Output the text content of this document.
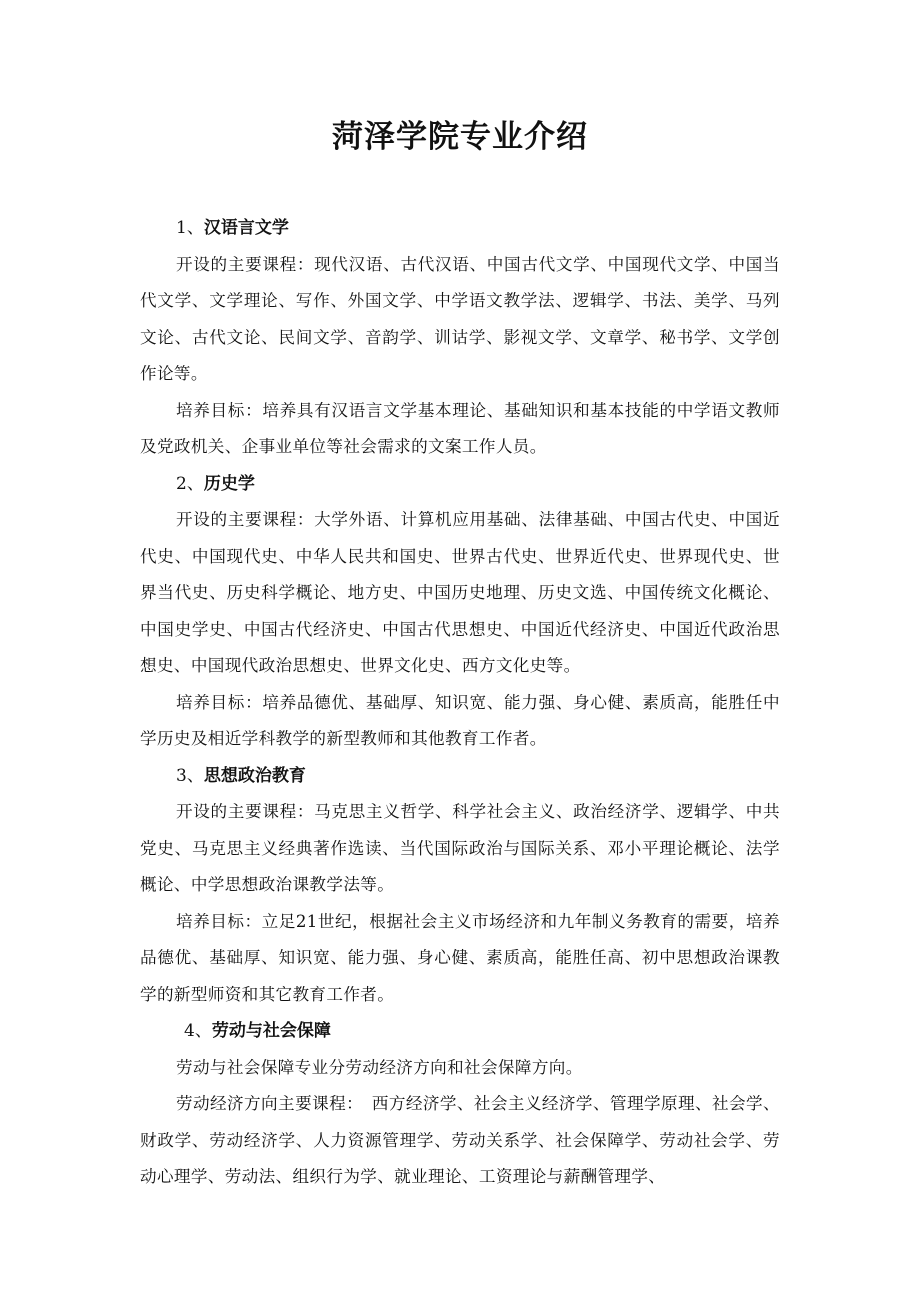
菏泽学院专业介绍
1、汉语言文学

开设的主要课程：现代汉语、古代汉语、中国古代文学、中国现代文学、中国当代文学、文学理论、写作、外国文学、中学语文教学法、逻辑学、书法、美学、马列文论、古代文论、民间文学、音韵学、训诂学、影视文学、文章学、秘书学、文学创作论等。

培养目标：培养具有汉语言文学基本理论、基础知识和基本技能的中学语文教师及党政机关、企事业单位等社会需求的文案工作人员。

2、历史学

开设的主要课程：大学外语、计算机应用基础、法律基础、中国古代史、中国近代史、中国现代史、中华人民共和国史、世界古代史、世界近代史、世界现代史、世界当代史、历史科学概论、地方史、中国历史地理、历史文选、中国传统文化概论、中国史学史、中国古代经济史、中国古代思想史、中国近代经济史、中国近代政治思想史、中国现代政治思想史、世界文化史、西方文化史等。

培养目标：培养品德优、基础厚、知识宽、能力强、身心健、素质高，能胜任中学历史及相近学科教学的新型教师和其他教育工作者。

3、思想政治教育

开设的主要课程：马克思主义哲学、科学社会主义、政治经济学、逻辑学、中共党史、马克思主义经典著作选读、当代国际政治与国际关系、邓小平理论概论、法学概论、中学思想政治课教学法等。

培养目标：立足21世纪，根据社会主义市场经济和九年制义务教育的需要，培养品德优、基础厚、知识宽、能力强、身心健、素质高，能胜任高、初中思想政治课教学的新型师资和其它教育工作者。

4、劳动与社会保障

劳动与社会保障专业分劳动经济方向和社会保障方向。

劳动经济方向主要课程：　西方经济学、社会主义经济学、管理学原理、社会学、财政学、劳动经济学、人力资源管理学、劳动关系学、社会保障学、劳动社会学、劳动心理学、劳动法、组织行为学、就业理论、工资理论与薪酬管理学、
